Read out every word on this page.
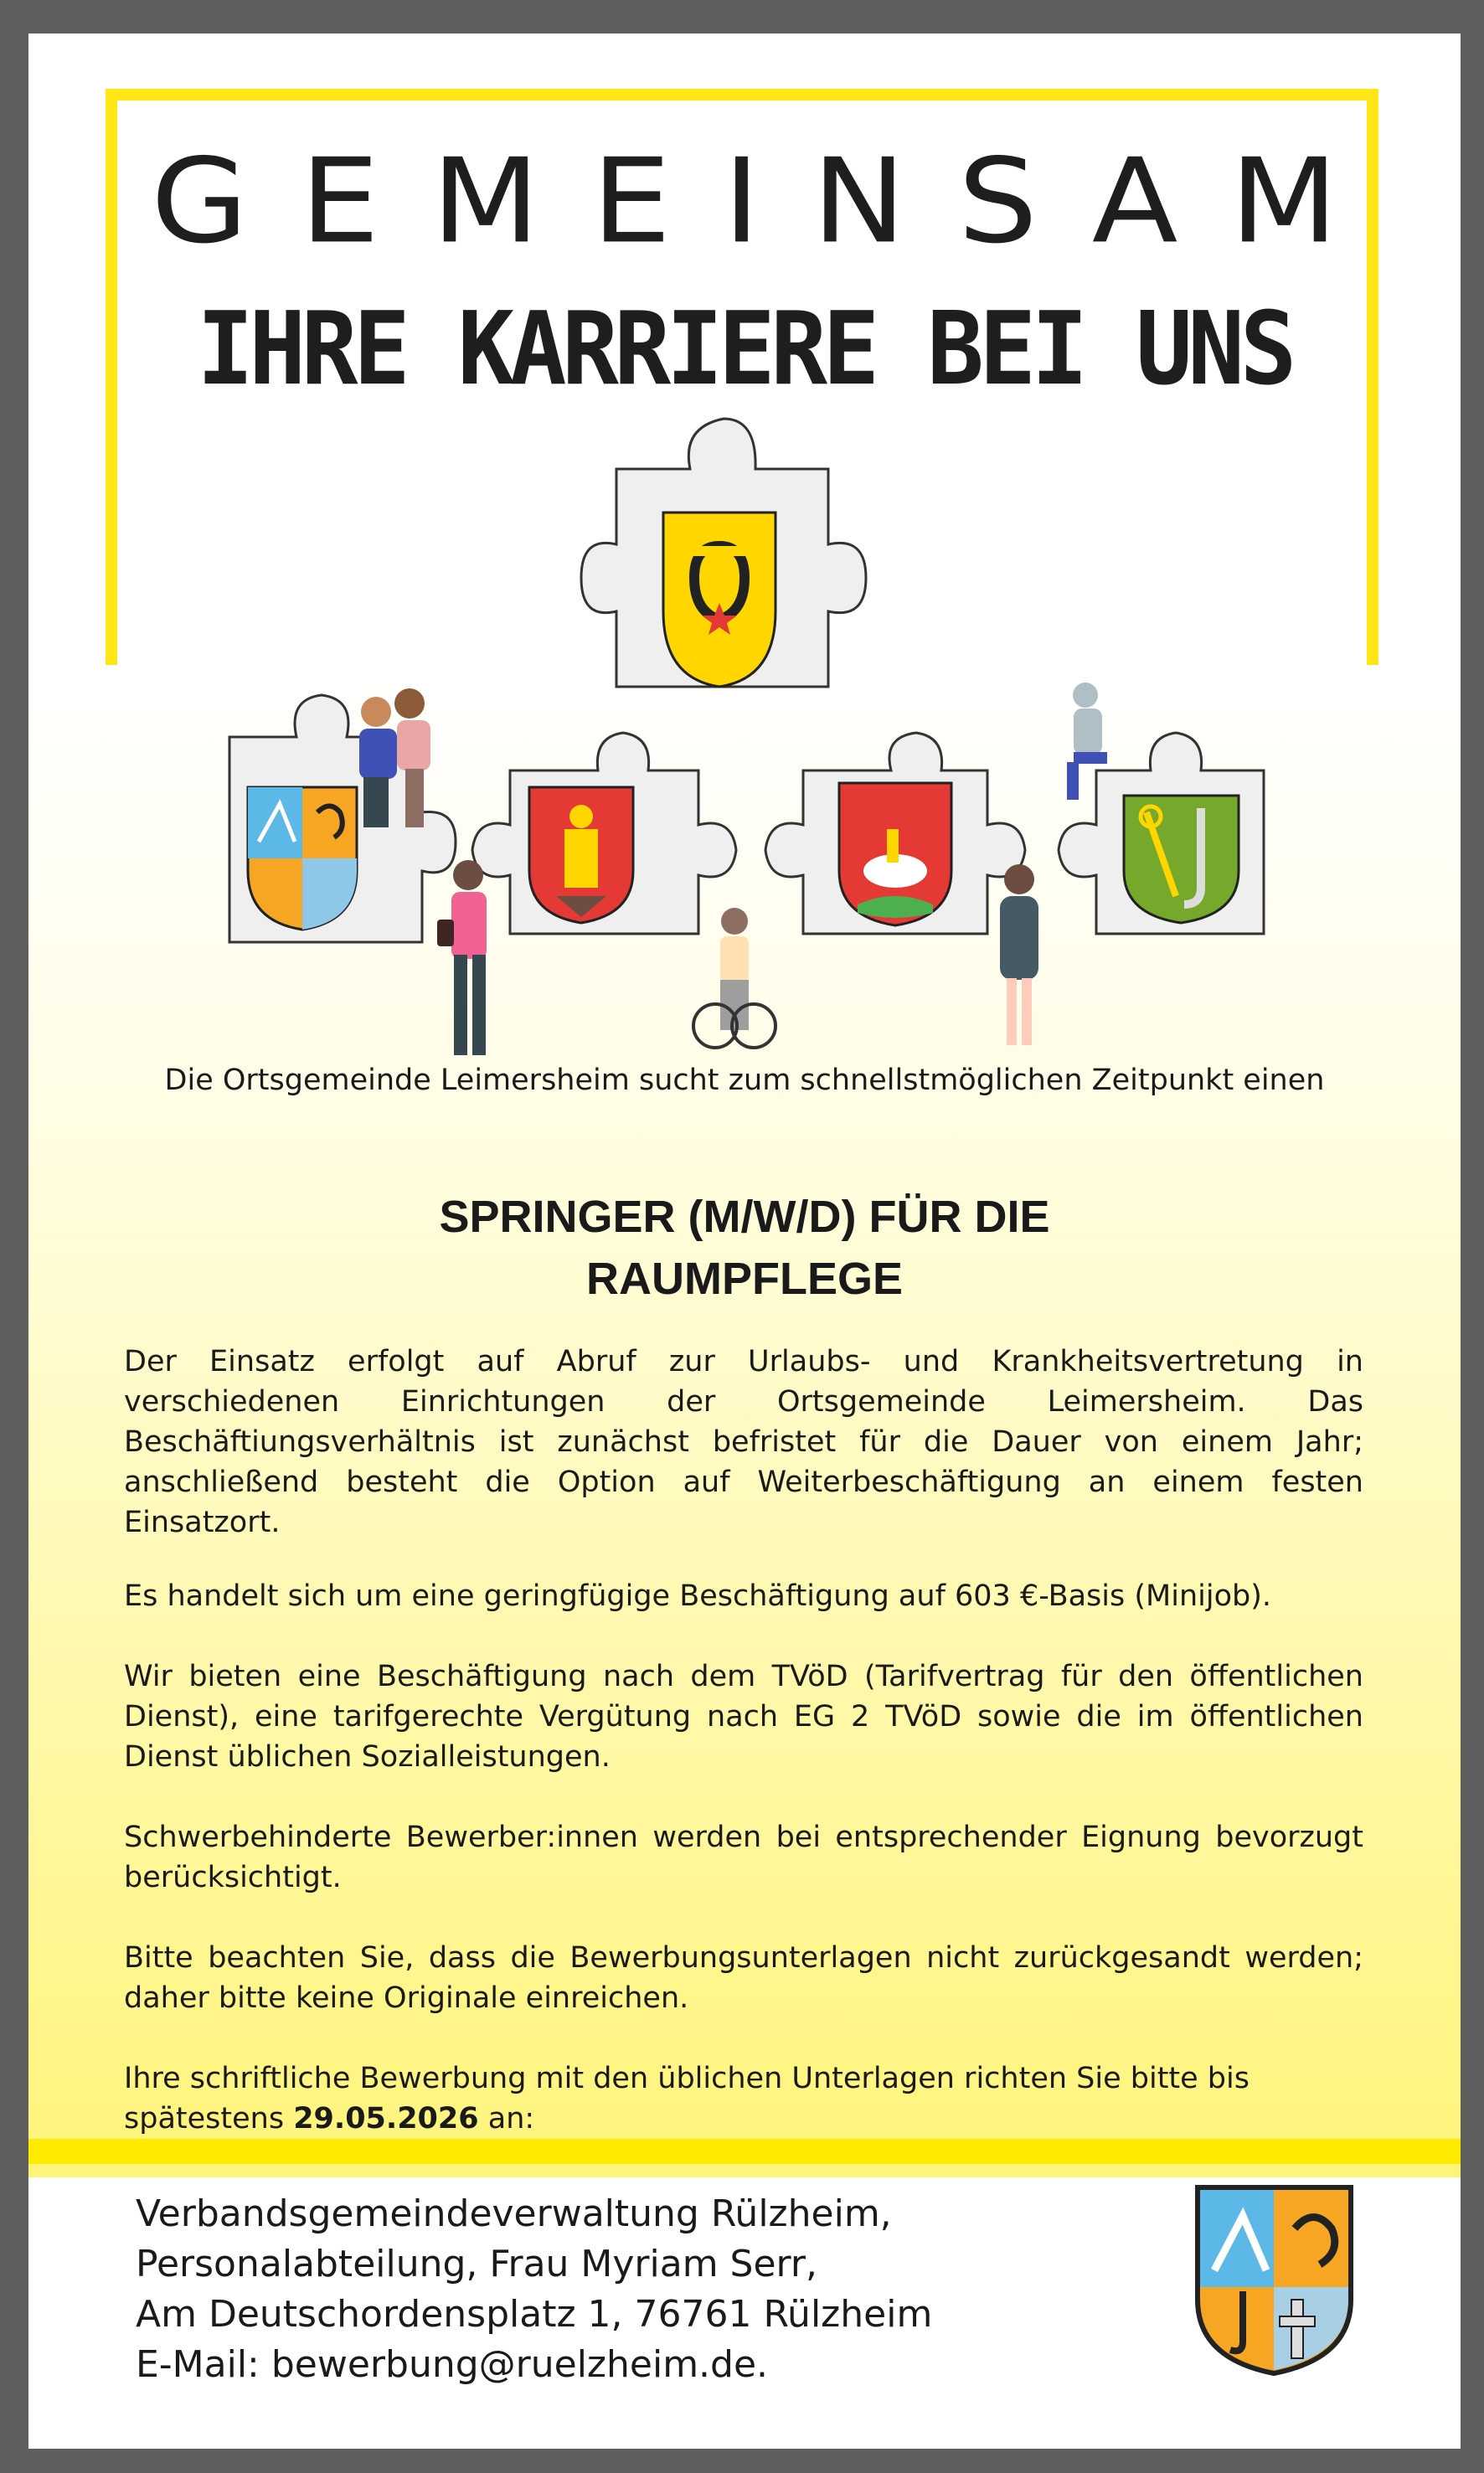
GEMEINSAM
IHRE KARRIERE BEI UNS

Die Ortsgemeinde Leimersheim sucht zum schnellstmöglichen Zeitpunkt einen

SPRINGER (M/W/D) FÜR DIE
RAUMPFLEGE

Der Einsatz erfolgt auf Abruf zur Urlaubs- und Krankheitsvertretung in verschiedenen Einrichtungen der Ortsgemeinde Leimersheim. Das Beschäftiungsverhältnis ist zunächst befristet für die Dauer von einem Jahr; anschließend besteht die Option auf Weiterbeschäftigung an einem festen Einsatzort.

Es handelt sich um eine geringfügige Beschäftigung auf 603 €-Basis (Minijob).

Wir bieten eine Beschäftigung nach dem TVöD (Tarifvertrag für den öffentlichen Dienst), eine tarifgerechte Vergütung nach EG 2 TVöD sowie die im öffentlichen Dienst üblichen Sozialleistungen.

Schwerbehinderte Bewerber:innen werden bei entsprechender Eignung bevorzugt berücksichtigt.

Bitte beachten Sie, dass die Bewerbungsunterlagen nicht zurückgesandt werden; daher bitte keine Originale einreichen.

Ihre schriftliche Bewerbung mit den üblichen Unterlagen richten Sie bitte bis
spätestens 29.05.2026 an:

Verbandsgemeindeverwaltung Rülzheim,
Personalabteilung, Frau Myriam Serr,
Am Deutschordensplatz 1, 76761 Rülzheim
E-Mail: bewerbung@ruelzheim.de.
